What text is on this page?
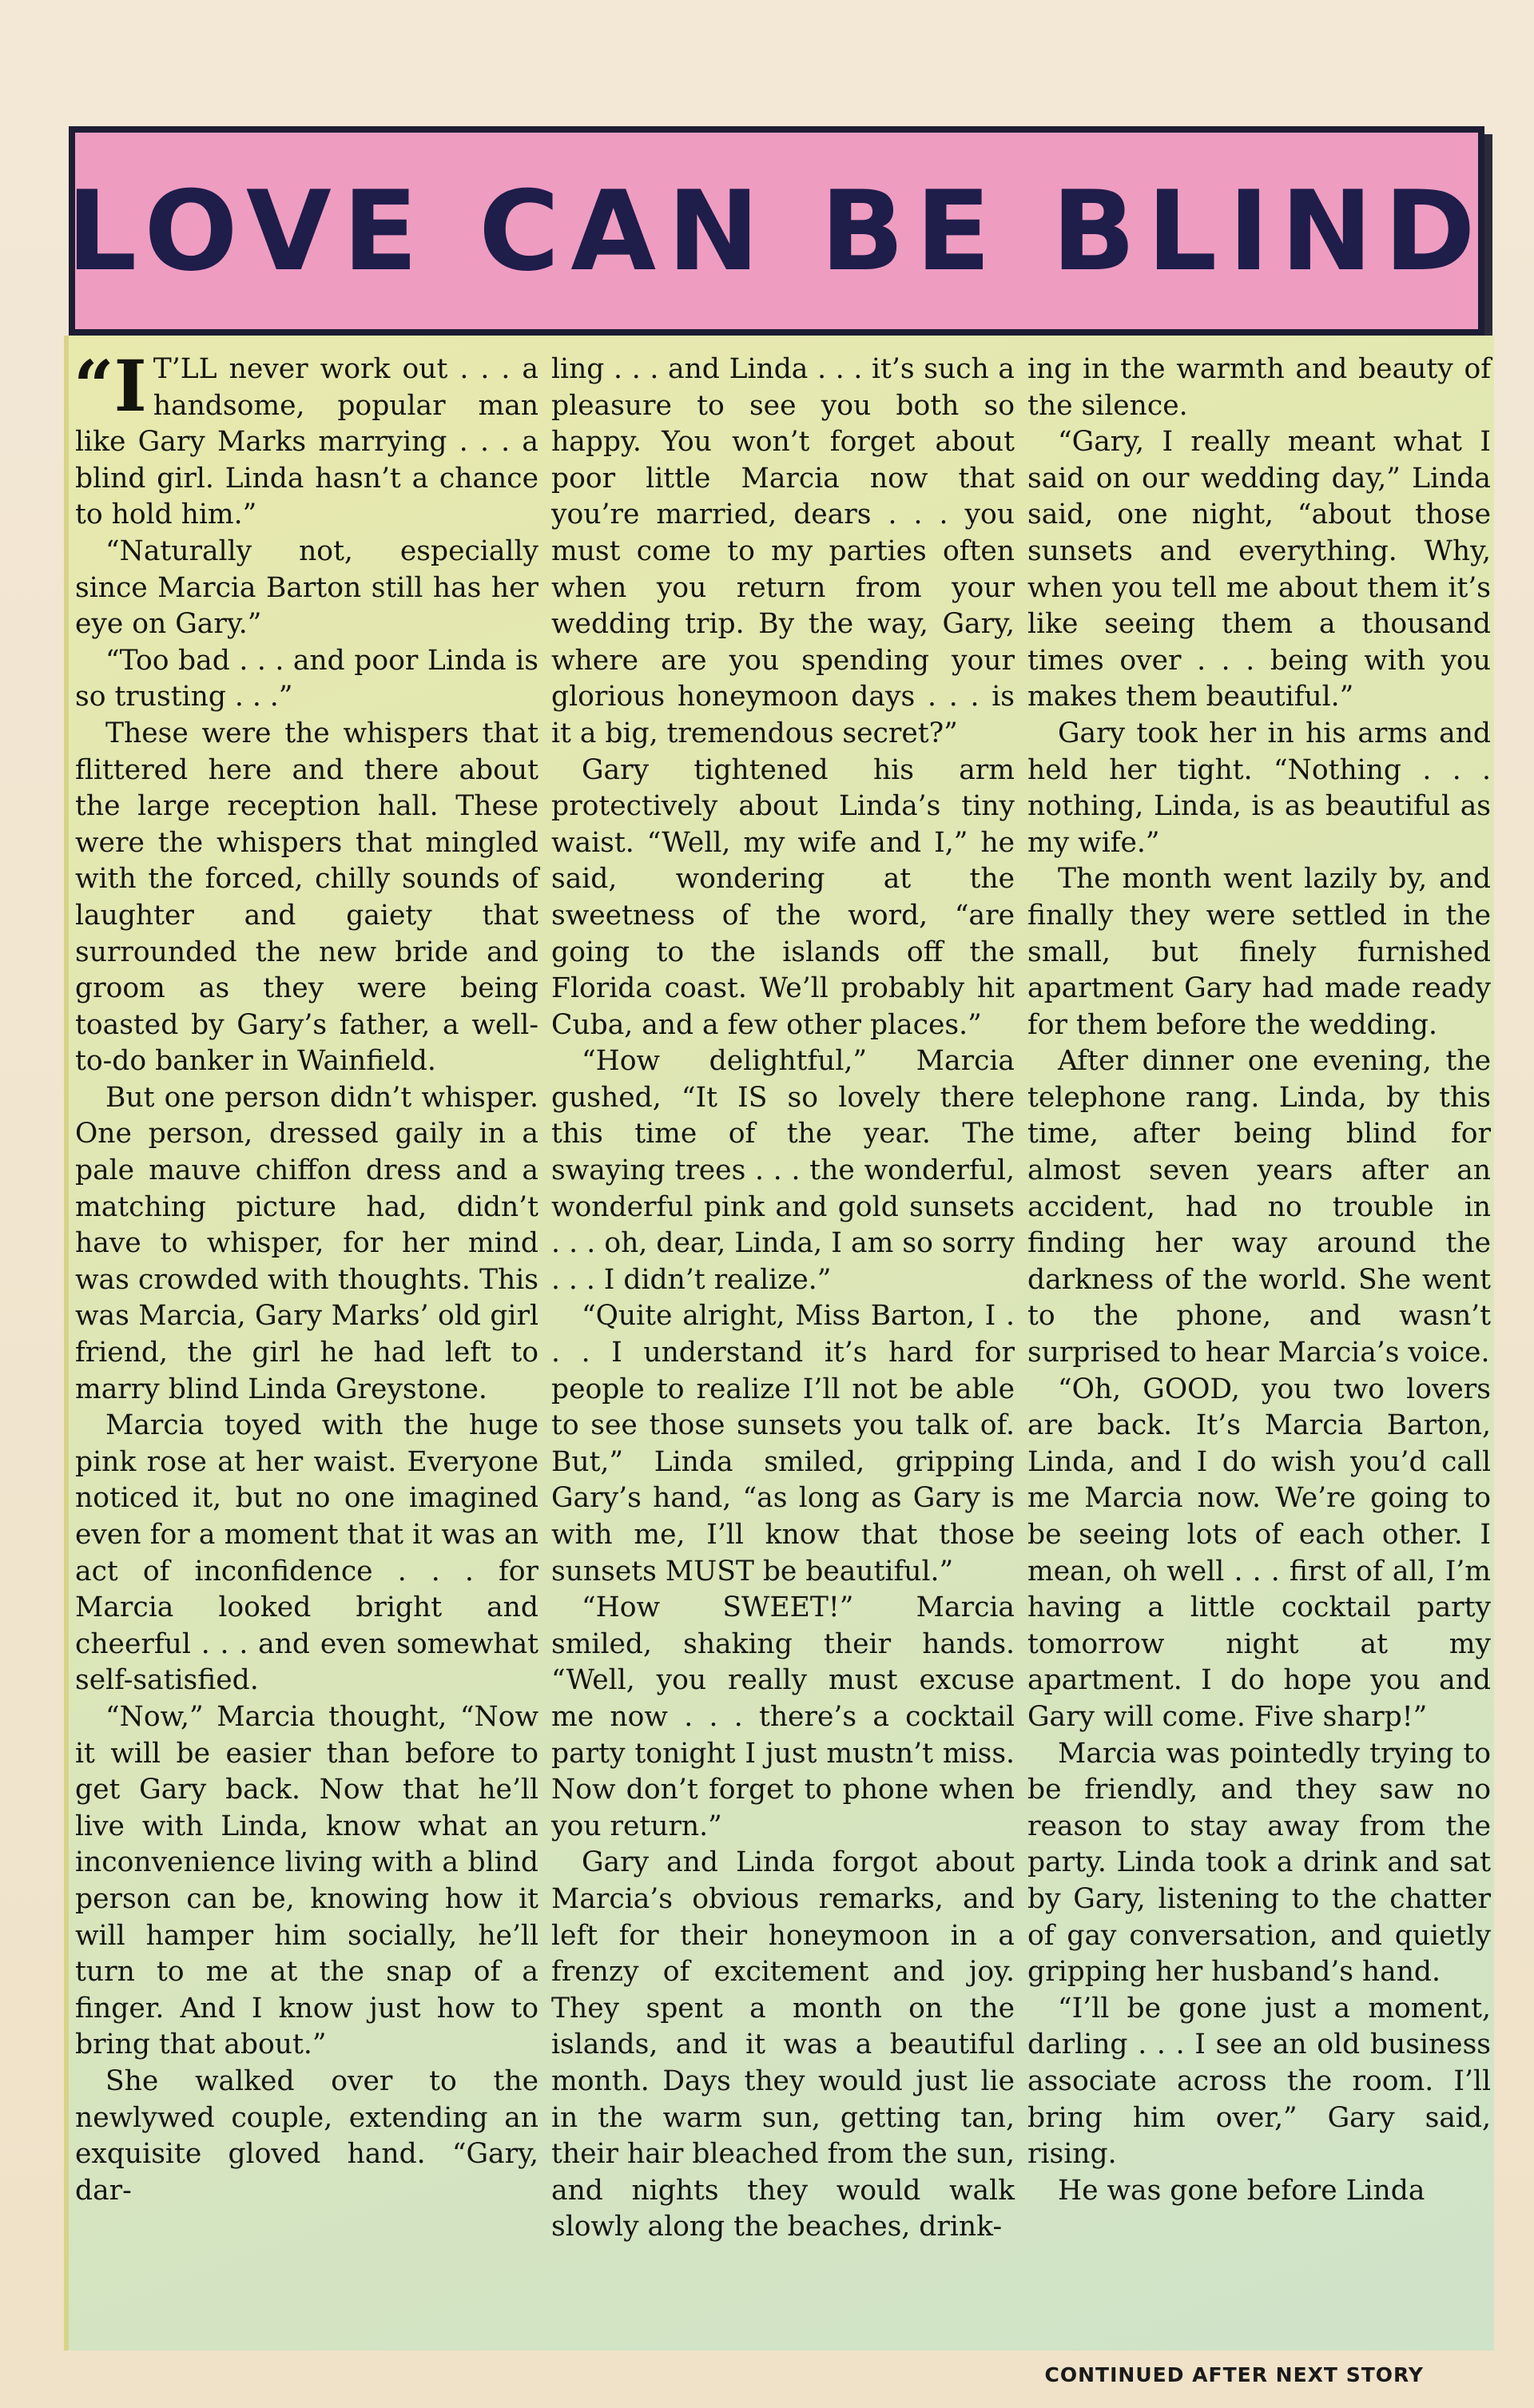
LOVE CAN BE BLIND

“I T’LL never work out . . . a handsome, popular man like Gary Marks marrying . . . a blind girl. Linda hasn’t a chance to hold him.”

“Naturally not, especially since Marcia Barton still has her eye on Gary.”

“Too bad . . . and poor Linda is so trusting . . .”

These were the whispers that flittered here and there about the large reception hall. These were the whispers that mingled with the forced, chilly sounds of laughter and gaiety that surrounded the new bride and groom as they were being toasted by Gary’s father, a well-to-do banker in Wainfield.

But one person didn’t whisper. One person, dressed gaily in a pale mauve chiffon dress and a matching picture had, didn’t have to whisper, for her mind was crowded with thoughts. This was Marcia, Gary Marks’ old girl friend, the girl he had left to marry blind Linda Greystone.

Marcia toyed with the huge pink rose at her waist. Everyone noticed it, but no one imagined even for a moment that it was an act of inconfidence . . . for Marcia looked bright and cheerful . . . and even somewhat self-satisfied.

“Now,” Marcia thought, “Now it will be easier than before to get Gary back. Now that he’ll live with Linda, know what an inconvenience living with a blind person can be, knowing how it will hamper him socially, he’ll turn to me at the snap of a finger. And I know just how to bring that about.”

She walked over to the newlywed couple, extending an exquisite gloved hand. “Gary, dar-

ling . . . and Linda . . . it’s such a pleasure to see you both so happy. You won’t forget about poor little Marcia now that you’re married, dears . . . you must come to my parties often when you return from your wedding trip. By the way, Gary, where are you spending your glorious honeymoon days . . . is it a big, tremendous secret?”

Gary tightened his arm protectively about Linda’s tiny waist. “Well, my wife and I,” he said, wondering at the sweetness of the word, “are going to the islands off the Florida coast. We’ll probably hit Cuba, and a few other places.”

“How delightful,” Marcia gushed, “It IS so lovely there this time of the year. The swaying trees . . . the wonderful, wonderful pink and gold sunsets . . . oh, dear, Linda, I am so sorry . . . I didn’t realize.”

“Quite alright, Miss Barton, I . . . I understand it’s hard for people to realize I’ll not be able to see those sunsets you talk of. But,” Linda smiled, gripping Gary’s hand, “as long as Gary is with me, I’ll know that those sunsets MUST be beautiful.”

“How SWEET!” Marcia smiled, shaking their hands. “Well, you really must excuse me now . . . there’s a cocktail party tonight I just mustn’t miss. Now don’t forget to phone when you return.”

Gary and Linda forgot about Marcia’s obvious remarks, and left for their honeymoon in a frenzy of excitement and joy. They spent a month on the islands, and it was a beautiful month. Days they would just lie in the warm sun, getting tan, their hair bleached from the sun, and nights they would walk slowly along the beaches, drink-

ing in the warmth and beauty of the silence.

“Gary, I really meant what I said on our wedding day,” Linda said, one night, “about those sunsets and everything. Why, when you tell me about them it’s like seeing them a thousand times over . . . being with you makes them beautiful.”

Gary took her in his arms and held her tight. “Nothing . . . nothing, Linda, is as beautiful as my wife.”

The month went lazily by, and finally they were settled in the small, but finely furnished apartment Gary had made ready for them before the wedding.

After dinner one evening, the telephone rang. Linda, by this time, after being blind for almost seven years after an accident, had no trouble in finding her way around the darkness of the world. She went to the phone, and wasn’t surprised to hear Marcia’s voice.

“Oh, GOOD, you two lovers are back. It’s Marcia Barton, Linda, and I do wish you’d call me Marcia now. We’re going to be seeing lots of each other. I mean, oh well . . . first of all, I’m having a little cocktail party tomorrow night at my apartment. I do hope you and Gary will come. Five sharp!”

Marcia was pointedly trying to be friendly, and they saw no reason to stay away from the party. Linda took a drink and sat by Gary, listening to the chatter of gay conversation, and quietly gripping her husband’s hand.

“I’ll be gone just a moment, darling . . . I see an old business associate across the room. I’ll bring him over,” Gary said, rising.

He was gone before Linda

CONTINUED AFTER NEXT STORY
